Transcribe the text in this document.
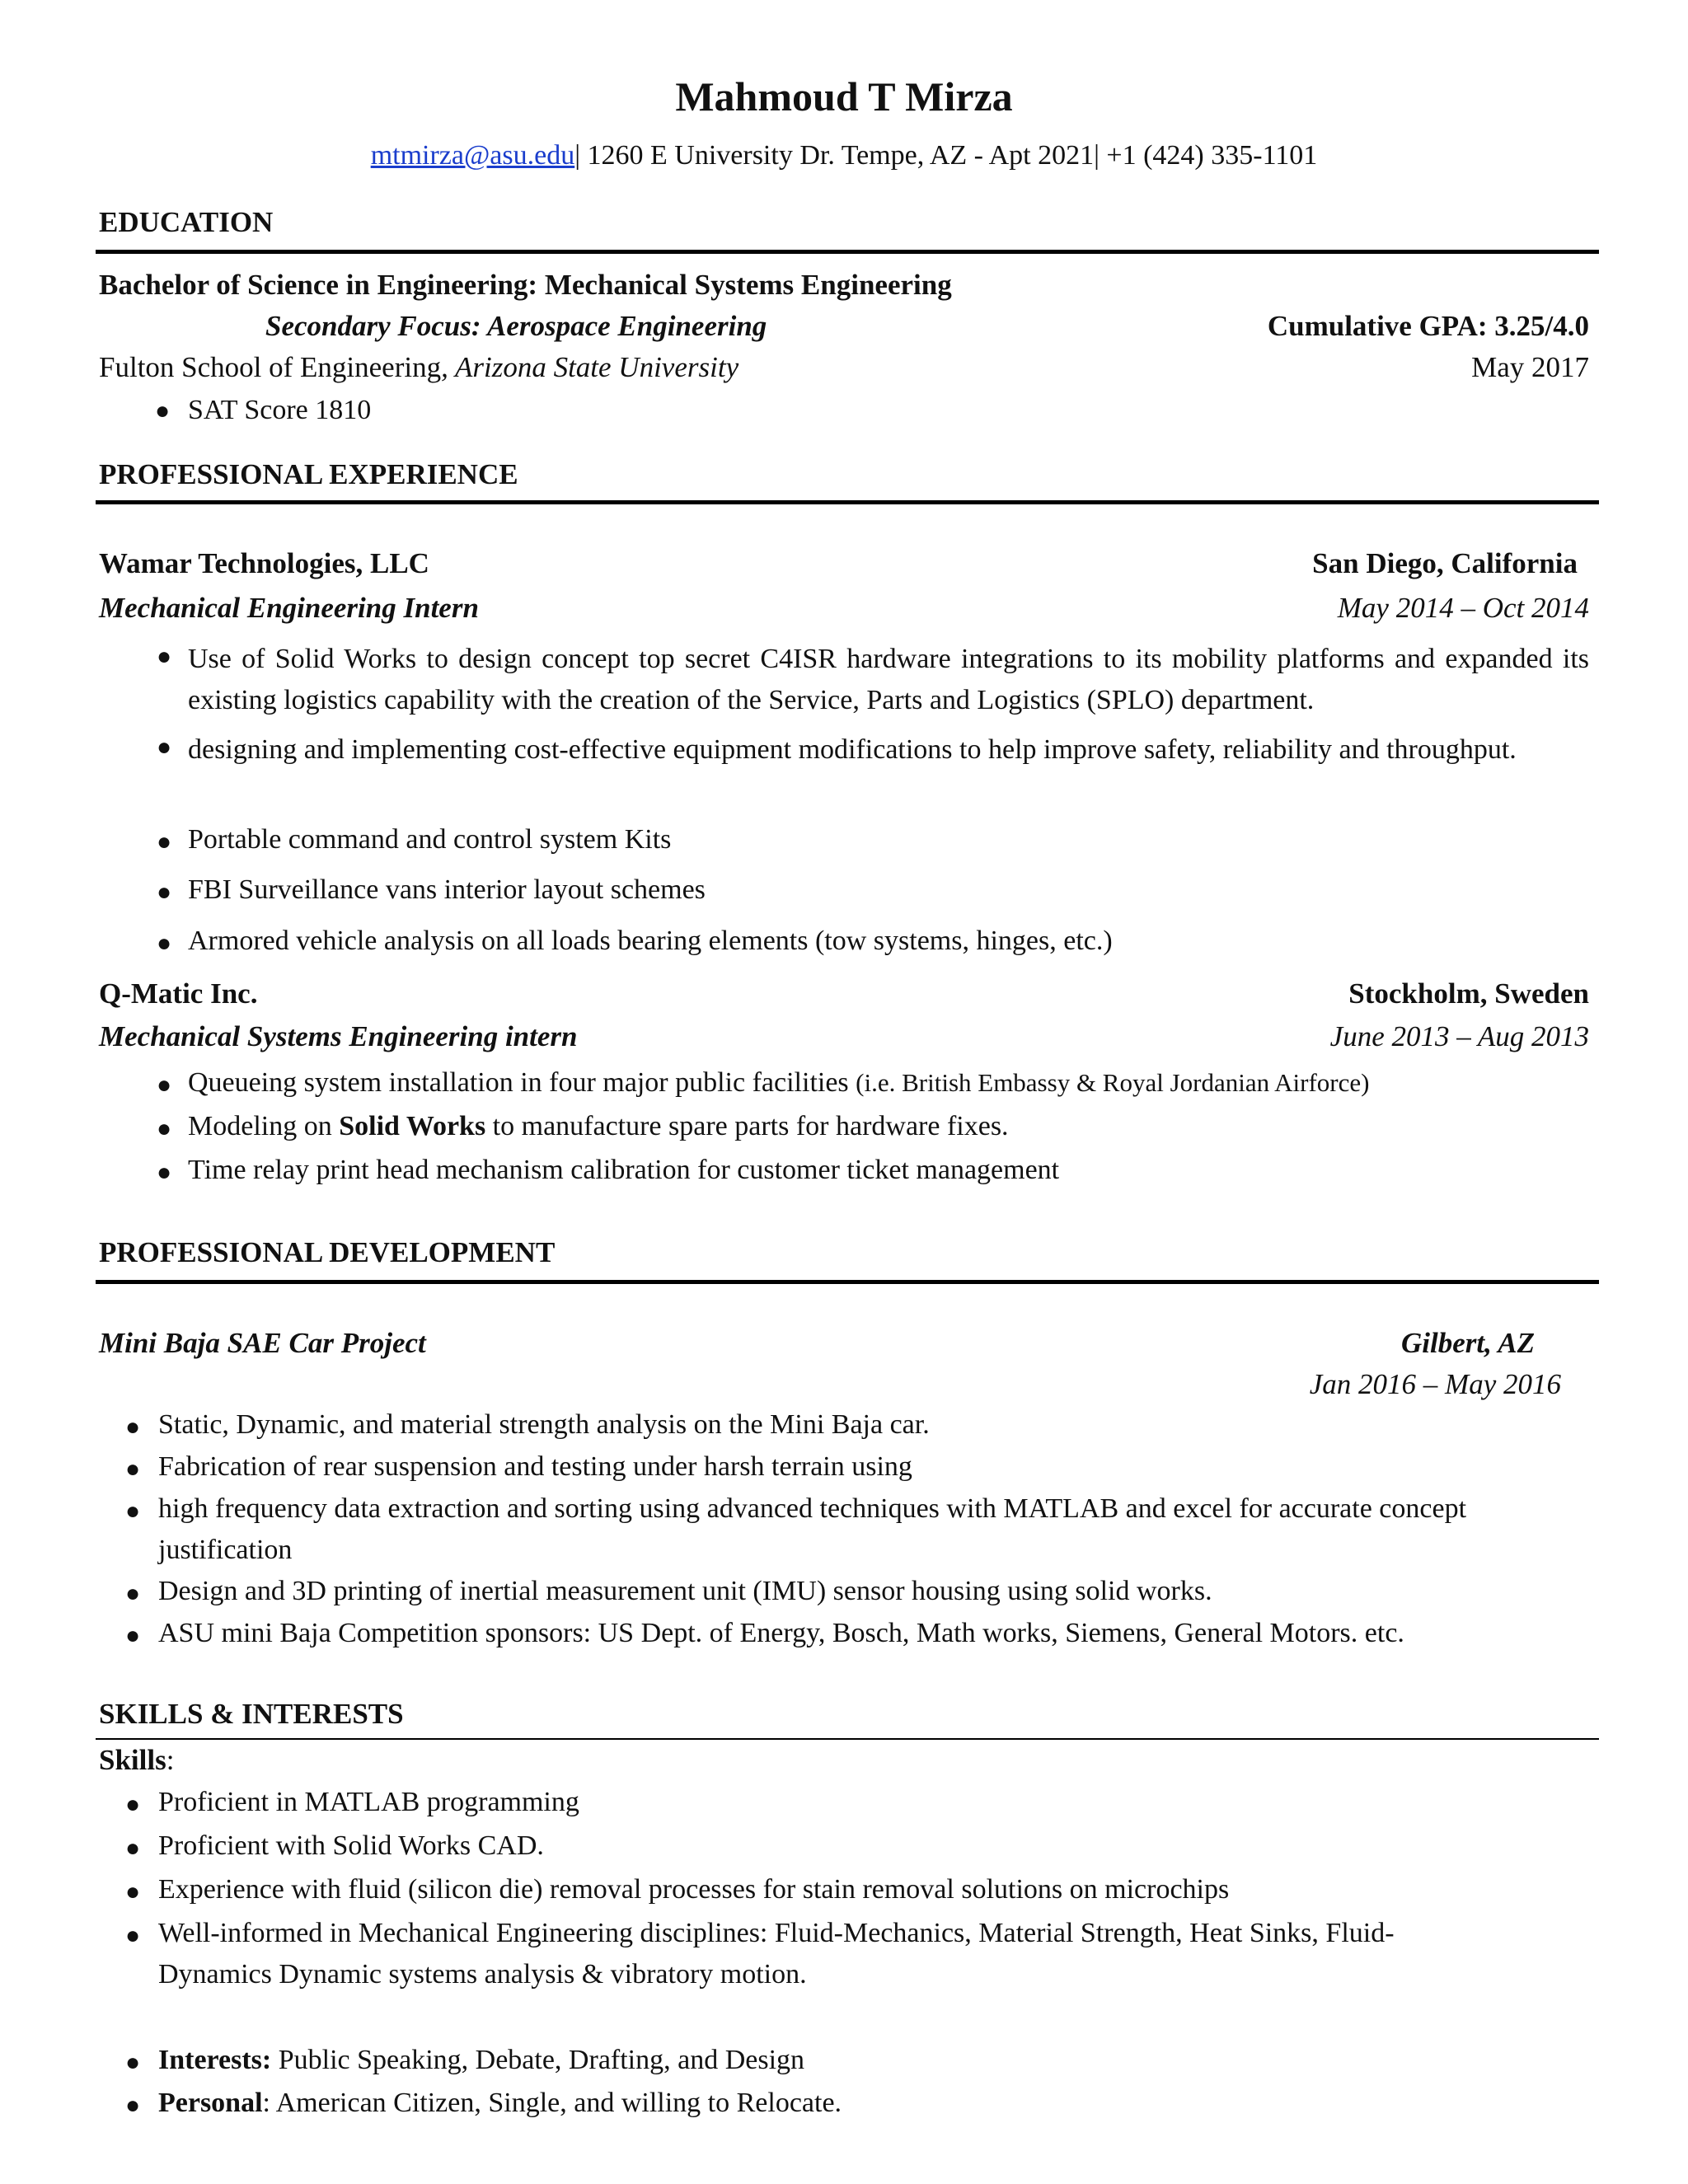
Mahmoud T Mirza
mtmirza@asu.edu| 1260 E University Dr. Tempe, AZ - Apt 2021| +1 (424) 335-1101
EDUCATION
Bachelor of Science in Engineering: Mechanical Systems Engineering
Secondary Focus: Aerospace Engineering	Cumulative GPA: 3.25/4.0
Fulton School of Engineering, Arizona State University	May 2017
● SAT Score 1810
PROFESSIONAL EXPERIENCE
Wamar Technologies, LLC	San Diego, California
Mechanical Engineering Intern	May 2014 – Oct 2014
● Use of Solid Works to design concept top secret C4ISR hardware integrations to its mobility platforms and expanded its existing logistics capability with the creation of the Service, Parts and Logistics (SPLO) department.
● designing and implementing cost-effective equipment modifications to help improve safety, reliability and throughput.
● Portable command and control system Kits
● FBI Surveillance vans interior layout schemes
● Armored vehicle analysis on all loads bearing elements (tow systems, hinges, etc.)
Q-Matic Inc.	Stockholm, Sweden
Mechanical Systems Engineering intern	June 2013 – Aug 2013
● Queueing system installation in four major public facilities (i.e. British Embassy & Royal Jordanian Airforce)
● Modeling on Solid Works to manufacture spare parts for hardware fixes.
● Time relay print head mechanism calibration for customer ticket management
PROFESSIONAL DEVELOPMENT
Mini Baja SAE Car Project	Gilbert, AZ
Jan 2016 – May 2016
● Static, Dynamic, and material strength analysis on the Mini Baja car.
● Fabrication of rear suspension and testing under harsh terrain using
● high frequency data extraction and sorting using advanced techniques with MATLAB and excel for accurate concept
justification
● Design and 3D printing of inertial measurement unit (IMU) sensor housing using solid works.
● ASU mini Baja Competition sponsors: US Dept. of Energy, Bosch, Math works, Siemens, General Motors. etc.
SKILLS & INTERESTS
Skills:
● Proficient in MATLAB programming
● Proficient with Solid Works CAD.
● Experience with fluid (silicon die) removal processes for stain removal solutions on microchips
● Well-informed in Mechanical Engineering disciplines: Fluid-Mechanics, Material Strength, Heat Sinks, Fluid-
Dynamics Dynamic systems analysis & vibratory motion.
● Interests: Public Speaking, Debate, Drafting, and Design
● Personal: American Citizen, Single, and willing to Relocate.
